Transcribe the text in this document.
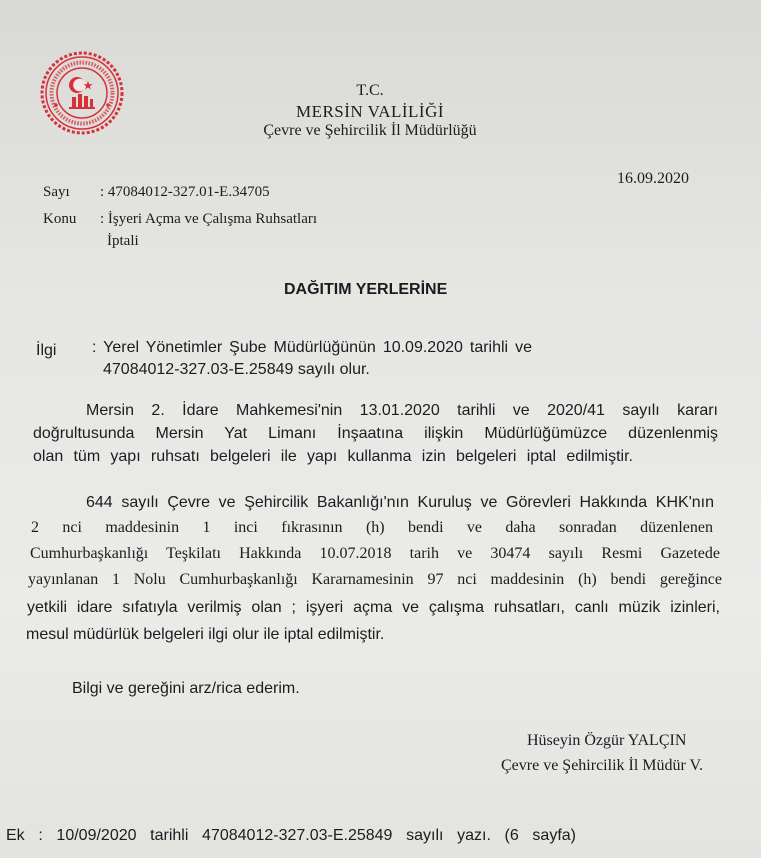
T.C.
MERSİN VALİLİĞİ
Çevre ve Şehircilik İl Müdürlüğü
16.09.2020
Sayı : 47084012-327.01-E.34705
Konu : İşyeri Açma ve Çalışma Ruhsatları
İptali
DAĞITIM YERLERİNE
İlgi : Yerel Yönetimler Şube Müdürlüğünün 10.09.2020 tarihli ve
47084012-327.03-E.25849 sayılı olur.
Mersin 2. İdare Mahkemesi'nin 13.01.2020 tarihli ve 2020/41 sayılı kararı
doğrultusunda Mersin Yat Limanı İnşaatına ilişkin Müdürlüğümüzce düzenlenmiş
olan tüm yapı ruhsatı belgeleri ile yapı kullanma izin belgeleri iptal edilmiştir.
644 sayılı Çevre ve Şehircilik Bakanlığı'nın Kuruluş ve Görevleri Hakkında KHK'nın
2 nci maddesinin 1 inci fıkrasının (h) bendi ve daha sonradan düzenlenen
Cumhurbaşkanlığı Teşkilatı Hakkında 10.07.2018 tarih ve 30474 sayılı Resmi Gazetede
yayınlanan 1 Nolu Cumhurbaşkanlığı Kararnamesinin 97 nci maddesinin (h) bendi gereğince
yetkili idare sıfatıyla verilmiş olan ; işyeri açma ve çalışma ruhsatları, canlı müzik izinleri,
mesul müdürlük belgeleri ilgi olur ile iptal edilmiştir.
Bilgi ve gereğini arz/rica ederim.
Hüseyin Özgür YALÇIN
Çevre ve Şehircilik İl Müdür V.
Ek : 10/09/2020 tarihli 47084012-327.03-E.25849 sayılı yazı. (6 sayfa)
